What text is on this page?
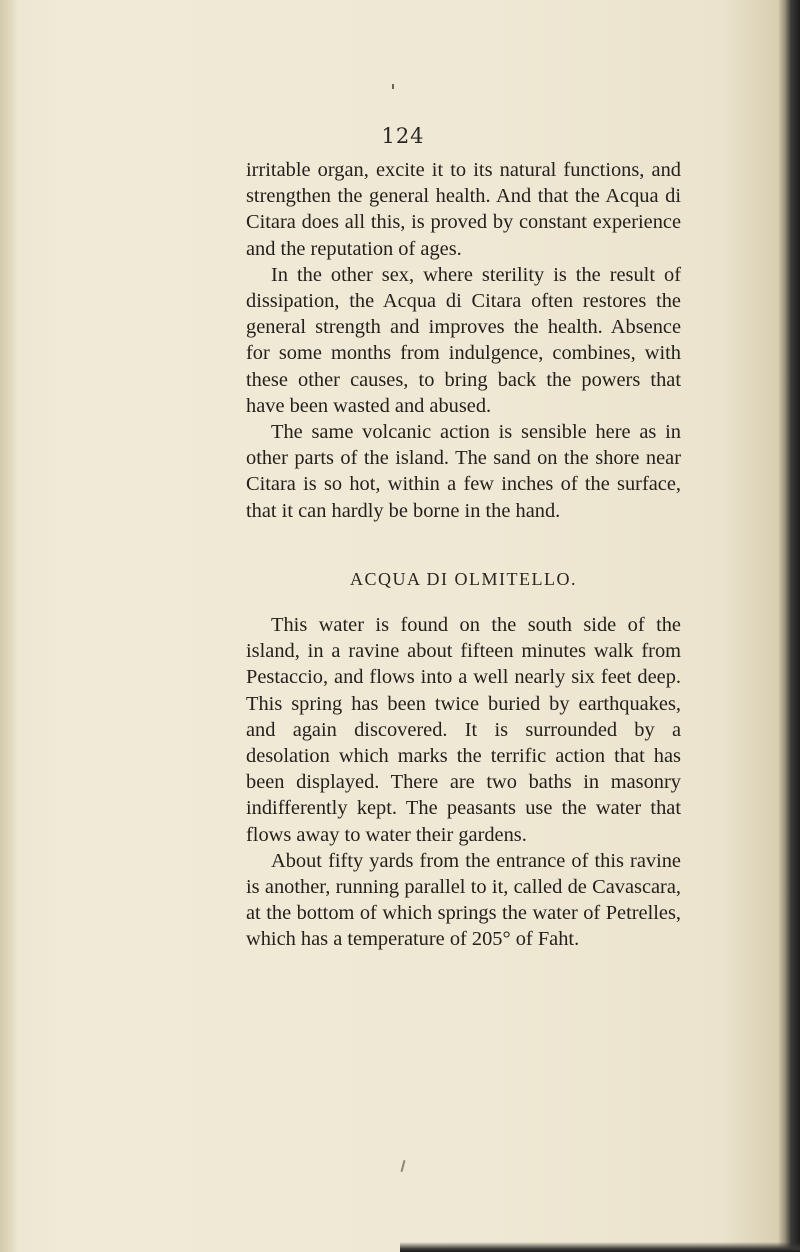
124

irritable organ, excite it to its natural functions, and strengthen the general health. And that the Acqua di Citara does all this, is proved by constant experience and the reputation of ages.

In the other sex, where sterility is the result of dissipation, the Acqua di Citara often restores the general strength and improves the health. Absence for some months from indulgence, combines, with these other causes, to bring back the powers that have been wasted and abused.

The same volcanic action is sensible here as in other parts of the island. The sand on the shore near Citara is so hot, within a few inches of the surface, that it can hardly be borne in the hand.

ACQUA DI OLMITELLO.

This water is found on the south side of the island, in a ravine about fifteen minutes walk from Pestaccio, and flows into a well nearly six feet deep. This spring has been twice buried by earthquakes, and again discovered. It is surrounded by a desolation which marks the terrific action that has been displayed. There are two baths in masonry indifferently kept. The peasants use the water that flows away to water their gardens.

About fifty yards from the entrance of this ravine is another, running parallel to it, called de Cavascara, at the bottom of which springs the water of Petrelles, which has a temperature of 205° of Faht.
